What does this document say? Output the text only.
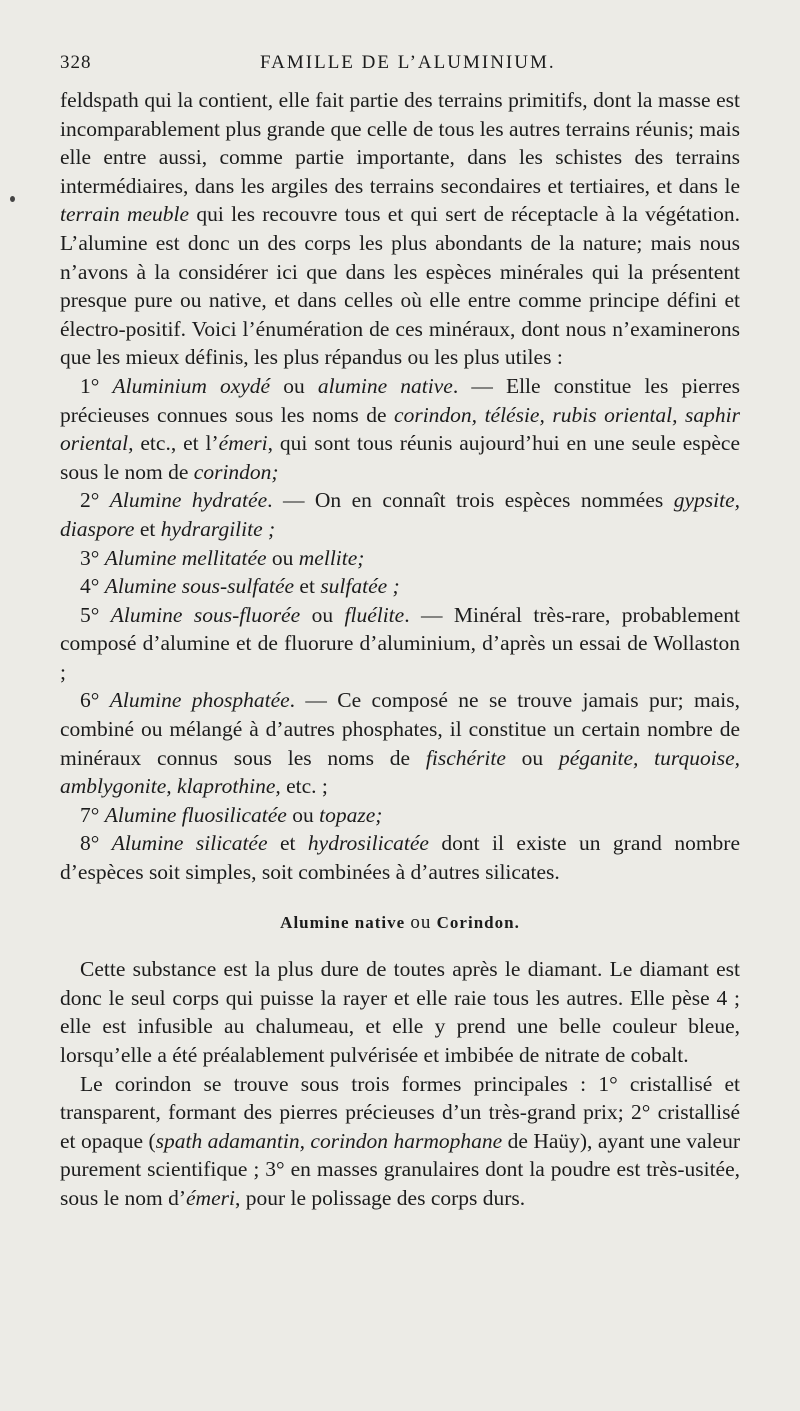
328	FAMILLE DE L’ALUMINIUM.

feldspath qui la contient, elle fait partie des terrains primitifs, dont la masse est incomparablement plus grande que celle de tous les autres terrains réunis; mais elle entre aussi, comme partie importante, dans les schistes des terrains intermédiaires, dans les argiles des terrains secondaires et tertiaires, et dans le terrain meuble qui les recouvre tous et qui sert de réceptacle à la végétation. L’alumine est donc un des corps les plus abondants de la nature; mais nous n’avons à la considérer ici que dans les espèces minérales qui la présentent presque pure ou native, et dans celles où elle entre comme principe défini et électro-positif. Voici l’énumération de ces minéraux, dont nous n’examinerons que les mieux définis, les plus répandus ou les plus utiles :

1° Aluminium oxydé ou alumine native. — Elle constitue les pierres précieuses connues sous les noms de corindon, télésie, rubis oriental, saphir oriental, etc., et l’émeri, qui sont tous réunis aujourd’hui en une seule espèce sous le nom de corindon;

2° Alumine hydratée. — On en connaît trois espèces nommées gypsite, diaspore et hydrargilite ;

3° Alumine mellitatée ou mellite;

4° Alumine sous-sulfatée et sulfatée ;

5° Alumine sous-fluorée ou fluélite. — Minéral très-rare, probablement composé d’alumine et de fluorure d’aluminium, d’après un essai de Wollaston ;

6° Alumine phosphatée. — Ce composé ne se trouve jamais pur; mais, combiné ou mélangé à d’autres phosphates, il constitue un certain nombre de minéraux connus sous les noms de fischérite ou péganite, turquoise, amblygonite, klaprothine, etc. ;

7° Alumine fluosilicatée ou topaze;

8° Alumine silicatée et hydrosilicatée dont il existe un grand nombre d’espèces soit simples, soit combinées à d’autres silicates.

Alumine native ou Corindon.

Cette substance est la plus dure de toutes après le diamant. Le diamant est donc le seul corps qui puisse la rayer et elle raie tous les autres. Elle pèse 4 ; elle est infusible au chalumeau, et elle y prend une belle couleur bleue, lorsqu’elle a été préalablement pulvérisée et imbibée de nitrate de cobalt.

Le corindon se trouve sous trois formes principales : 1° cristallisé et transparent, formant des pierres précieuses d’un très-grand prix; 2° cristallisé et opaque (spath adamantin, corindon harmophane de Haüy), ayant une valeur purement scientifique ; 3° en masses granulaires dont la poudre est très-usitée, sous le nom d’émeri, pour le polissage des corps durs.
